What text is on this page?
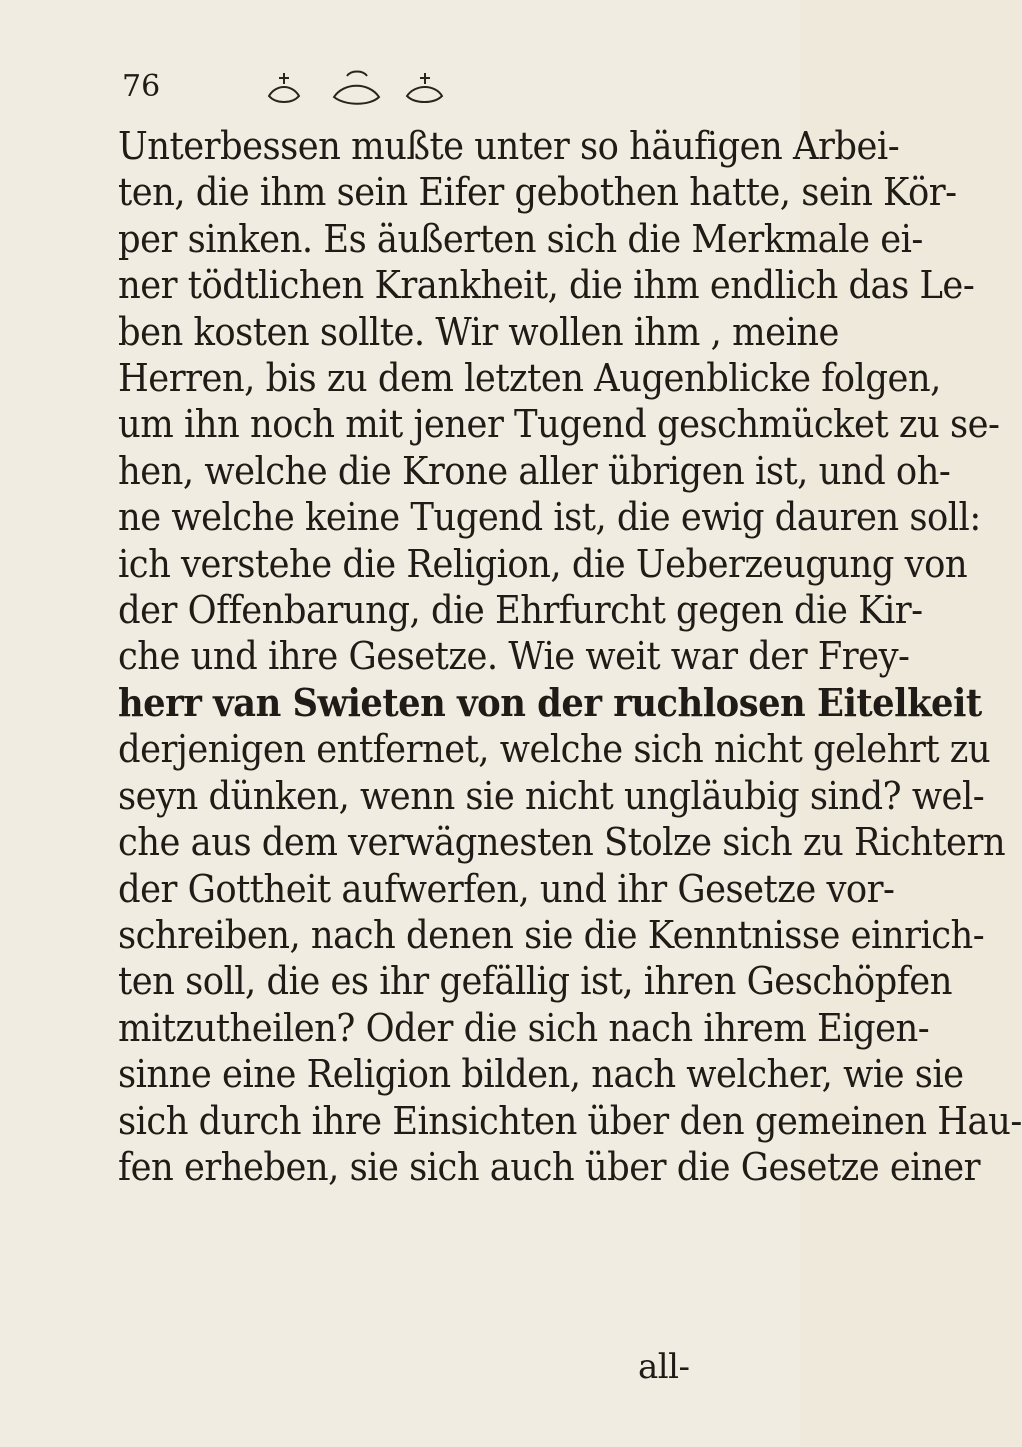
76
Unterbessen mußte unter so häufigen Arbei-
ten, die ihm sein Eifer gebothen hatte, sein Kör-
per sinken. Es äußerten sich die Merkmale ei-
ner tödtlichen Krankheit, die ihm endlich das Le-
ben kosten sollte. Wir wollen ihm , meine
Herren, bis zu dem letzten Augenblicke folgen,
um ihn noch mit jener Tugend geschmücket zu se-
hen, welche die Krone aller übrigen ist, und oh-
ne welche keine Tugend ist, die ewig dauren soll:
ich verstehe die Religion, die Ueberzeugung von
der Offenbarung, die Ehrfurcht gegen die Kir-
che und ihre Gesetze. Wie weit war der Frey-
herr van Swieten von der ruchlosen Eitelkeit
derjenigen entfernet, welche sich nicht gelehrt zu
seyn dünken, wenn sie nicht ungläubig sind? wel-
che aus dem verwägnesten Stolze sich zu Richtern
der Gottheit aufwerfen, und ihr Gesetze vor-
schreiben, nach denen sie die Kenntnisse einrich-
ten soll, die es ihr gefällig ist, ihren Geschöpfen
mitzutheilen? Oder die sich nach ihrem Eigen-
sinne eine Religion bilden, nach welcher, wie sie
sich durch ihre Einsichten über den gemeinen Hau-
fen erheben, sie sich auch über die Gesetze einer
all-
